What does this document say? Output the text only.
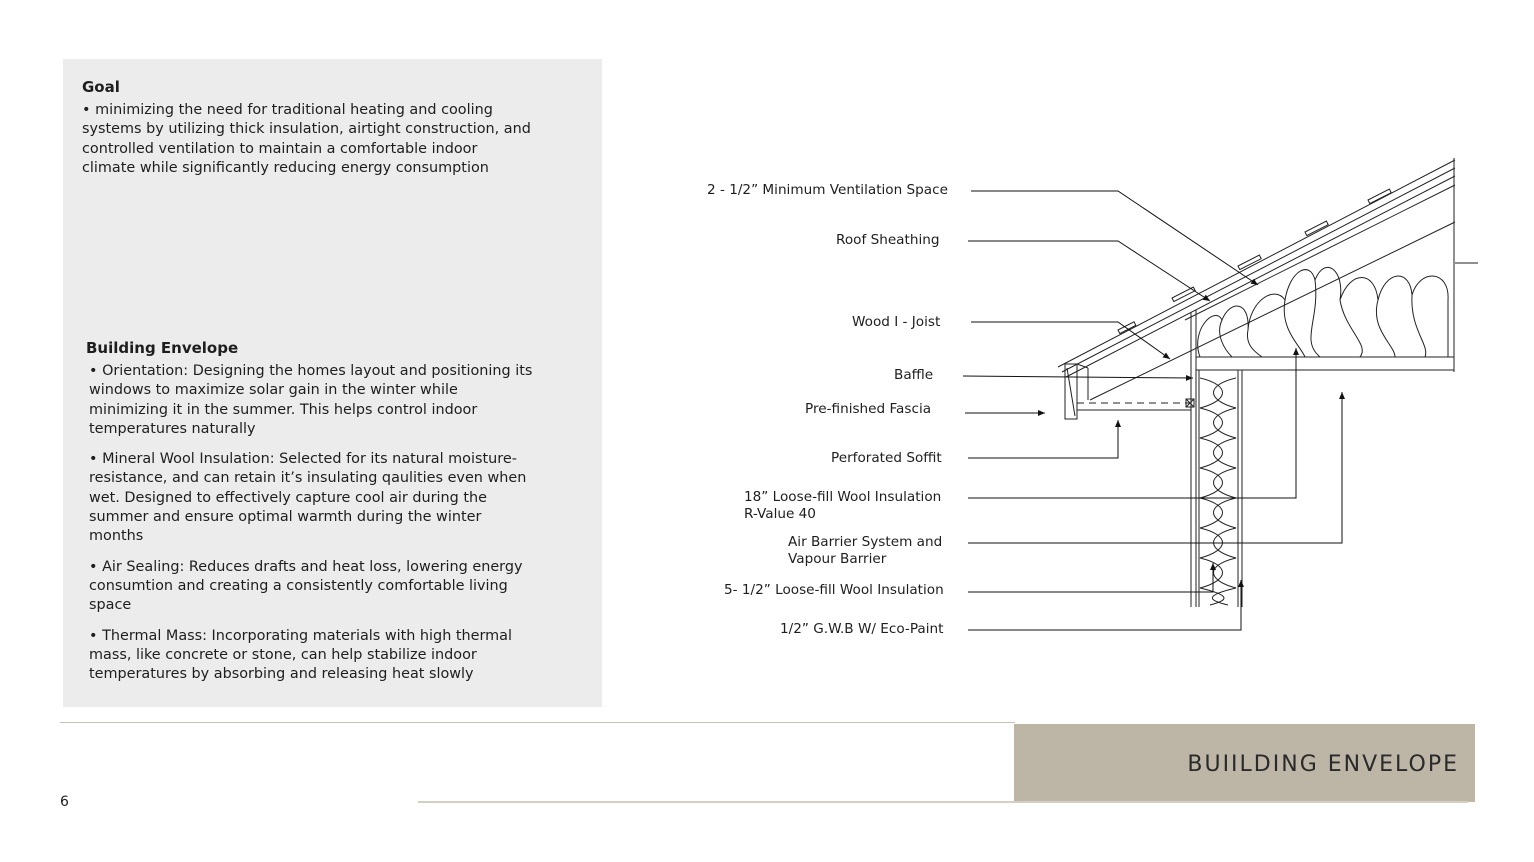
Goal

• minimizing the need for traditional heating and cooling systems by utilizing thick insulation, airtight construction, and controlled ventilation to maintain a comfortable indoor climate while significantly reducing energy consumption

Building Envelope
• Orientation: Designing the homes layout and positioning its windows to maximize solar gain in the winter while minimizing it in the summer. This helps control indoor temperatures naturally
• Mineral Wool Insulation: Selected for its natural moisture-resistance, and can retain it’s insulating qaulities even when wet. Designed to effectively capture cool air during the summer and ensure optimal warmth during the winter months
• Air Sealing: Reduces drafts and heat loss, lowering energy consumtion and creating a consistently comfortable living space
• Thermal Mass: Incorporating materials with high thermal mass, like concrete or stone, can help stabilize indoor temperatures by absorbing and releasing heat slowly
2 - 1/2” Minimum Ventilation Space
Roof Sheathing
Wood I - Joist
Baffle
Pre-finished Fascia
Perforated Soffit
18” Loose-fill Wool Insulation
R-Value 40
Air Barrier System and
Vapour Barrier
5- 1/2” Loose-fill Wool Insulation
1/2” G.W.B W/ Eco-Paint
BUIILDING ENVELOPE
6
